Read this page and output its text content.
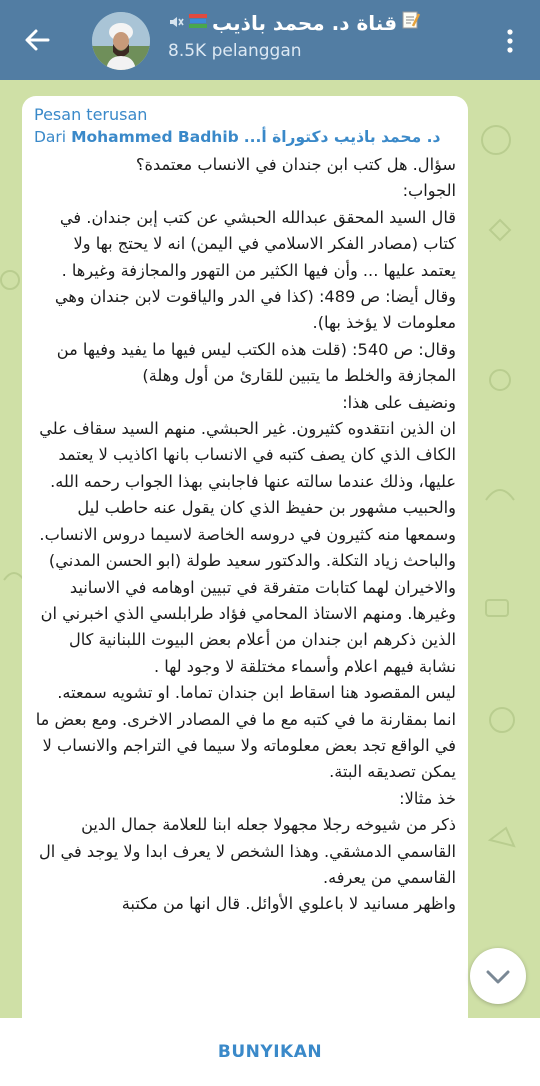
قناة د. محمد باذيب
8.5K pelanggan
Pesan terusan
Dari Mohammed Badhib ...د. محمد باذيب دكتوراة أ

سؤال. هل كتب ابن جندان في الانساب معتمدة؟

الجواب:

قال السيد المحقق عبدالله الحبشي عن كتب إبن جندان. في كتاب (مصادر الفكر الاسلامي في اليمن) انه لا يحتج بها ولا يعتمد عليها ... وأن فيها الكثير من التهور والمجازفة وغيرها .

وقال أيضا: ص 489: (كذا في الدر والياقوت لابن جندان وهي معلومات لا يؤخذ بها).

وقال: ص 540: (قلت هذه الكتب ليس فيها ما يفيد وفيها من المجازفة والخلط ما يتبين للقارئ من أول وهلة)

ونضيف على هذا:

ان الذين انتقدوه كثيرون. غير الحبشي. منهم السيد سقاف علي الكاف الذي كان يصف كتبه في الانساب بانها اكاذيب لا يعتمد عليها، وذلك عندما سالته عنها فاجابني بهذا الجواب رحمه الله. والحبيب مشهور بن حفيظ الذي كان يقول عنه حاطب ليل وسمعها منه كثيرون في دروسه الخاصة لاسيما دروس الانساب. والباحث زياد التكلة. والدكتور سعيد طولة (ابو الحسن المدني) والاخيران لهما كتابات متفرقة في تبيين اوهامه في الاسانيد وغيرها. ومنهم الاستاذ المحامي فؤاد طرابلسي الذي اخبرني ان الذين ذكرهم ابن جندان من أعلام بعض البيوت اللبنانية كال نشابة فيهم اعلام وأسماء مختلقة لا وجود لها .

ليس المقصود هنا اسقاط ابن جندان تماما. او تشويه سمعته. انما بمقارنة ما في كتبه مع ما في المصادر الاخرى. ومع بعض ما في الواقع تجد بعض معلوماته ولا سيما في التراجم والانساب لا يمكن تصديقه البتة.

خذ مثالا:

ذكر من شيوخه رجلا مجهولا جعله ابنا للعلامة جمال الدين القاسمي الدمشقي. وهذا الشخص لا يعرف ابدا ولا يوجد في ال القاسمي من يعرفه.

واظهر مسانيد لا باعلوي الأوائل. قال انها من مكتبة

BUNYIKAN
